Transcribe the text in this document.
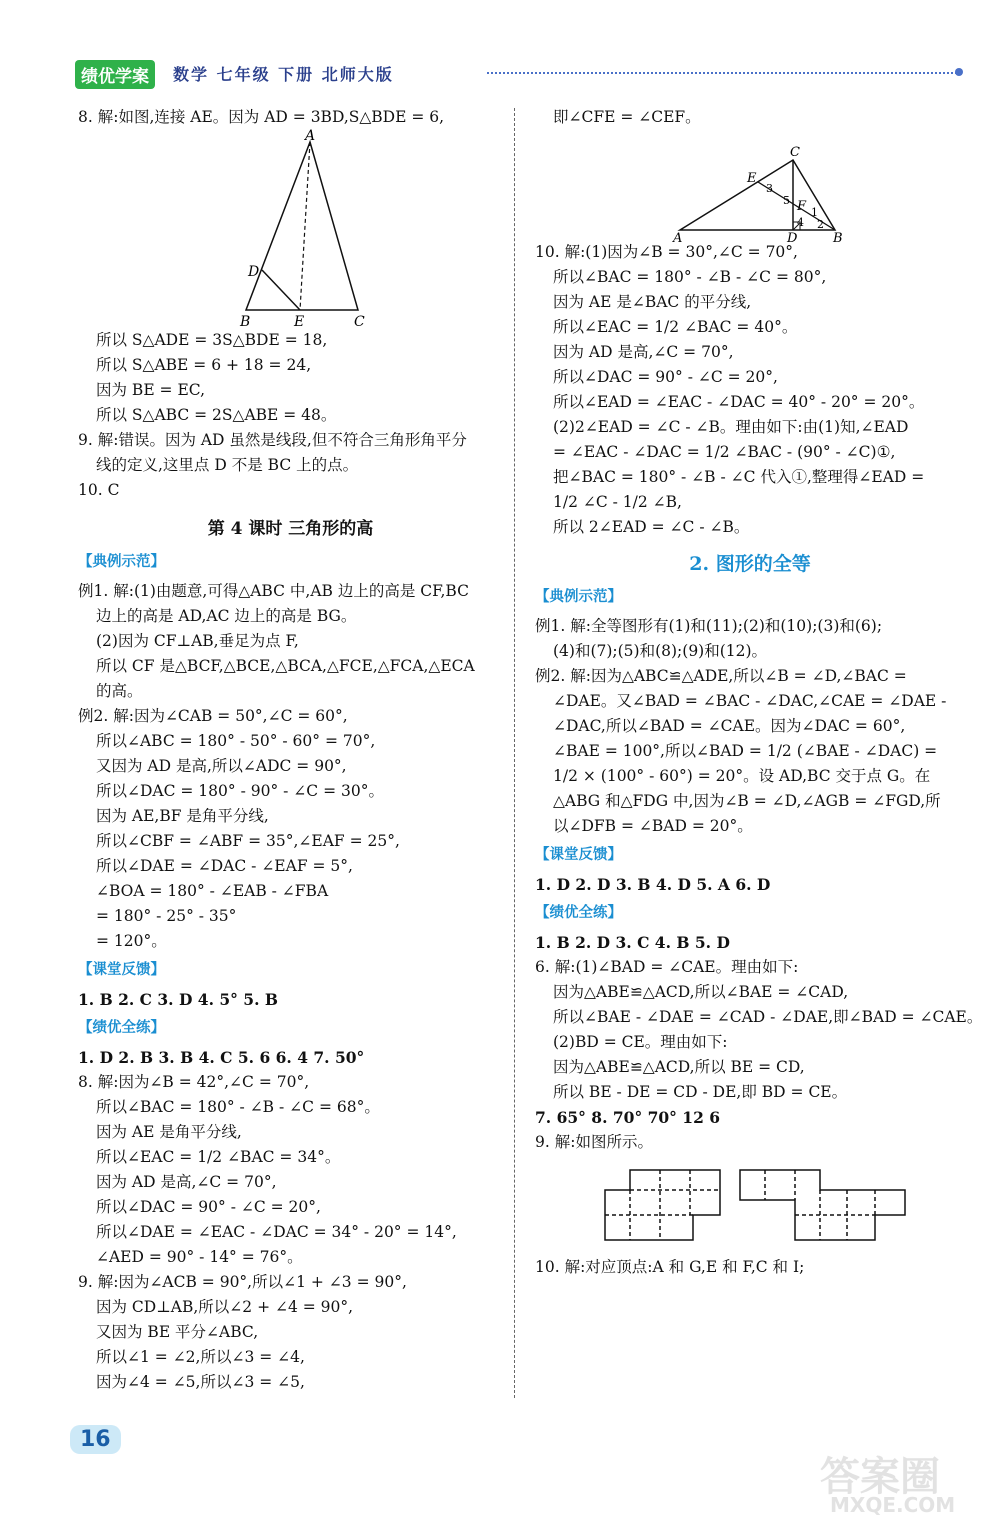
绩优学案	数学 七年级 下册 北师大版
8. 解:如图,连接 AE。因为 AD = 3BD,S△BDE = 6,
A
B	E	C
D
所以 S△ADE = 3S△BDE = 18,
所以 S△ABE = 6 + 18 = 24,
因为 BE = EC,
所以 S△ABC = 2S△ABE = 48。
9. 解:错误。因为 AD 虽然是线段,但不符合三角形角平分
线的定义,这里点 D 不是 BC 上的点。
10. C
第 4 课时 三角形的高
【典例示范】
例1. 解:(1)由题意,可得△ABC 中,AB 边上的高是 CF,BC
边上的高是 AD,AC 边上的高是 BG。
(2)因为 CF⊥AB,垂足为点 F,
所以 CF 是△BCF,△BCE,△BCA,△FCE,△FCA,△ECA
的高。
例2. 解:因为∠CAB = 50°,∠C = 60°,
所以∠ABC = 180° - 50° - 60° = 70°,
又因为 AD 是高,所以∠ADC = 90°,
所以∠DAC = 180° - 90° - ∠C = 30°。
因为 AE,BF 是角平分线,
所以∠CBF = ∠ABF = 35°,∠EAF = 25°,
所以∠DAE = ∠DAC - ∠EAF = 5°,
∠BOA = 180° - ∠EAB - ∠FBA
= 180° - 25° - 35°
= 120°。
【课堂反馈】
1. B 2. C 3. D 4. 5° 5. B
【绩优全练】
1. D 2. B 3. B 4. C 5. 6 6. 4 7. 50°
8. 解:因为∠B = 42°,∠C = 70°,
所以∠BAC = 180° - ∠B - ∠C = 68°。
因为 AE 是角平分线,
所以∠EAC = 1/2 ∠BAC = 34°。
因为 AD 是高,∠C = 70°,
所以∠DAC = 90° - ∠C = 20°,
所以∠DAE = ∠EAC - ∠DAC = 34° - 20° = 14°,
∠AED = 90° - 14° = 76°。
9. 解:因为∠ACB = 90°,所以∠1 + ∠3 = 90°,
因为 CD⊥AB,所以∠2 + ∠4 = 90°,
又因为 BE 平分∠ABC,
所以∠1 = ∠2,所以∠3 = ∠4,
因为∠4 = ∠5,所以∠3 = ∠5,
即∠CFE = ∠CEF。
C
E
F
A	D	B
3
5
4
1
2
10. 解:(1)因为∠B = 30°,∠C = 70°,
所以∠BAC = 180° - ∠B - ∠C = 80°,
因为 AE 是∠BAC 的平分线,
所以∠EAC = 1/2 ∠BAC = 40°。
因为 AD 是高,∠C = 70°,
所以∠DAC = 90° - ∠C = 20°,
所以∠EAD = ∠EAC - ∠DAC = 40° - 20° = 20°。
(2)2∠EAD = ∠C - ∠B。理由如下:由(1)知,∠EAD
= ∠EAC - ∠DAC = 1/2 ∠BAC - (90° - ∠C)①,
把∠BAC = 180° - ∠B - ∠C 代入①,整理得∠EAD =
1/2 ∠C - 1/2 ∠B,
所以 2∠EAD = ∠C - ∠B。
2. 图形的全等
【典例示范】
例1. 解:全等图形有(1)和(11);(2)和(10);(3)和(6);
(4)和(7);(5)和(8);(9)和(12)。
例2. 解:因为△ABC≌△ADE,所以∠B = ∠D,∠BAC =
∠DAE。又∠BAD = ∠BAC - ∠DAC,∠CAE = ∠DAE -
∠DAC,所以∠BAD = ∠CAE。因为∠DAC = 60°,
∠BAE = 100°,所以∠BAD = 1/2 (∠BAE - ∠DAC) =
1/2 × (100° - 60°) = 20°。设 AD,BC 交于点 G。在
△ABG 和△FDG 中,因为∠B = ∠D,∠AGB = ∠FGD,所
以∠DFB = ∠BAD = 20°。
【课堂反馈】
1. D 2. D 3. B 4. D 5. A 6. D
【绩优全练】
1. B 2. D 3. C 4. B 5. D
6. 解:(1)∠BAD = ∠CAE。理由如下:
因为△ABE≌△ACD,所以∠BAE = ∠CAD,
所以∠BAE - ∠DAE = ∠CAD - ∠DAE,即∠BAD = ∠CAE。
(2)BD = CE。理由如下:
因为△ABE≌△ACD,所以 BE = CD,
所以 BE - DE = CD - DE,即 BD = CE。
7. 65° 8. 70° 70° 12 6
9. 解:如图所示。
10. 解:对应顶点:A 和 G,E 和 F,C 和 I;
16
答案圈
MXQE.COM
